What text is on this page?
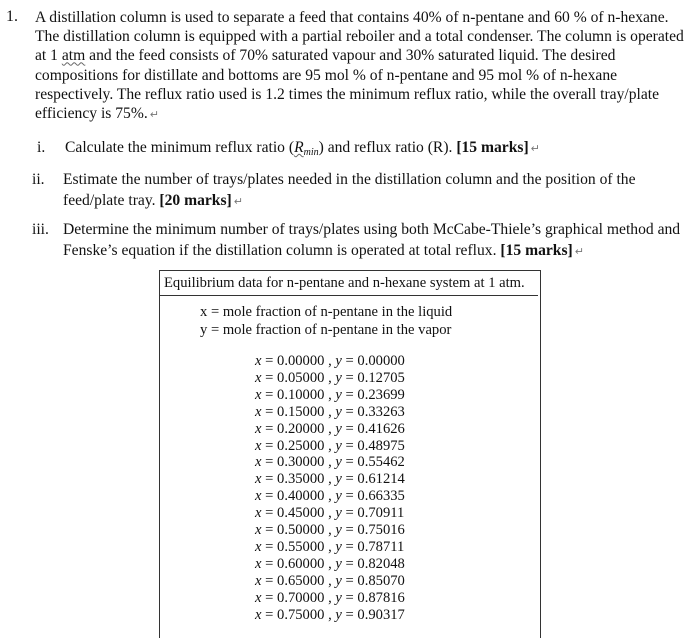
1. A distillation column is used to separate a feed that contains 40% of n-pentane and 60 % of n-hexane.
The distillation column is equipped with a partial reboiler and a total condenser. The column is operated
at 1 atm and the feed consists of 70% saturated vapour and 30% saturated liquid. The desired
compositions for distillate and bottoms are 95 mol % of n-pentane and 95 mol % of n-hexane
respectively. The reflux ratio used is 1.2 times the minimum reflux ratio, while the overall tray/plate
efficiency is 75%. ↵
i.	Calculate the minimum reflux ratio (Rmin) and reflux ratio (R). [15 marks] ↵
ii.	Estimate the number of trays/plates needed in the distillation column and the position of the
feed/plate tray. [20 marks] ↵
iii. Determine the minimum number of trays/plates using both McCabe-Thiele’s graphical method and
Fenske’s equation if the distillation column is operated at total reflux. [15 marks] ↵
Equilibrium data for n-pentane and n-hexane system at 1 atm.
x = mole fraction of n-pentane in the liquid
y = mole fraction of n-pentane in the vapor
x = 0.00000 , y = 0.00000
x = 0.05000 , y = 0.12705
x = 0.10000 , y = 0.23699
x = 0.15000 , y = 0.33263
x = 0.20000 , y = 0.41626
x = 0.25000 , y = 0.48975
x = 0.30000 , y = 0.55462
x = 0.35000 , y = 0.61214
x = 0.40000 , y = 0.66335
x = 0.45000 , y = 0.70911
x = 0.50000 , y = 0.75016
x = 0.55000 , y = 0.78711
x = 0.60000 , y = 0.82048
x = 0.65000 , y = 0.85070
x = 0.70000 , y = 0.87816
x = 0.75000 , y = 0.90317
